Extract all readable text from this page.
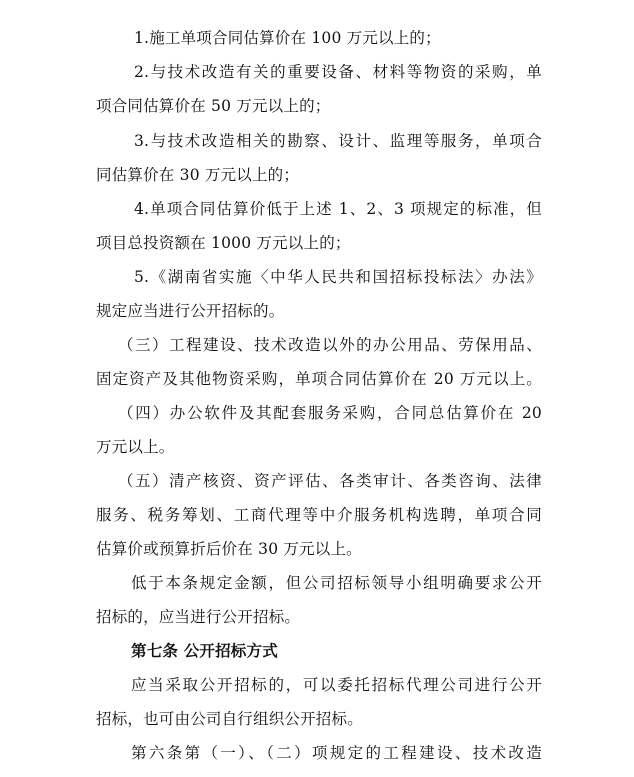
1.施工单项合同估算价在 100 万元以上的；
2.与技术改造有关的重要设备、材料等物资的采购，单
项合同估算价在 50 万元以上的；
3.与技术改造相关的勘察、设计、监理等服务，单项合
同估算价在 30 万元以上的；
4.单项合同估算价低于上述 1、2、3 项规定的标准，但
项目总投资额在 1000 万元以上的；
5.《湖南省实施〈中华人民共和国招标投标法〉办法》
规定应当进行公开招标的。
（三）工程建设、技术改造以外的办公用品、劳保用品、
固定资产及其他物资采购，单项合同估算价在 20 万元以上。
（四）办公软件及其配套服务采购，合同总估算价在 20
万元以上。
（五）清产核资、资产评估、各类审计、各类咨询、法律
服务、税务筹划、工商代理等中介服务机构选聘，单项合同
估算价或预算折后价在 30 万元以上。
低于本条规定金额，但公司招标领导小组明确要求公开
招标的，应当进行公开招标。
第七条 公开招标方式
应当采取公开招标的，可以委托招标代理公司进行公开
招标，也可由公司自行组织公开招标。
第六条第（一）、（二）项规定的工程建设、技术改造
